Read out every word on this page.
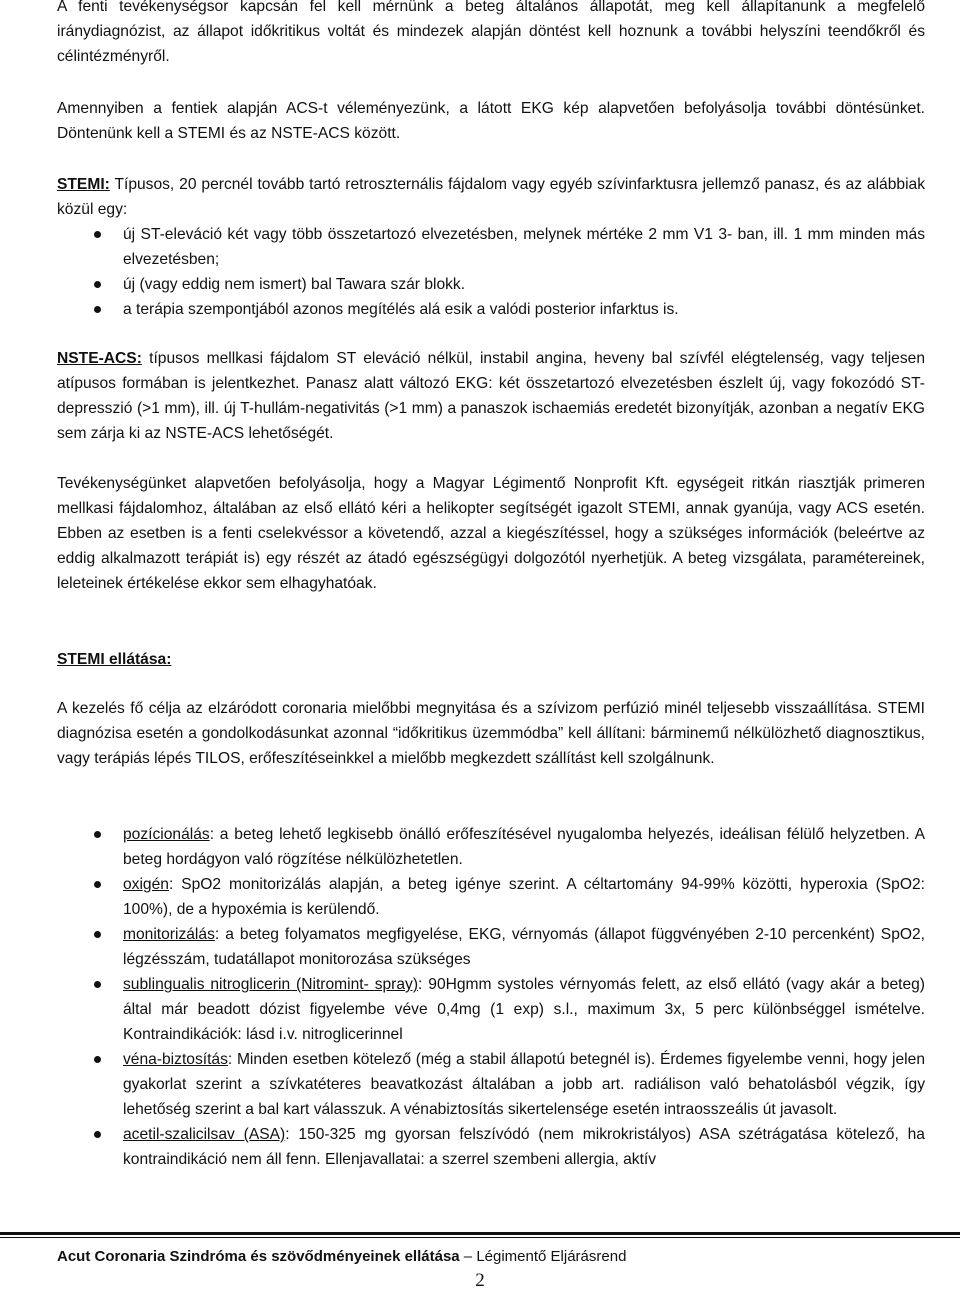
A fenti tevékenységsor kapcsán fel kell mérnünk a beteg általános állapotát, meg kell állapítanunk a megfelelő iránydiagnózist, az állapot időkritikus voltát és mindezek alapján döntést kell hoznunk a további helyszíni teendőkről és célintézményről.

Amennyiben a fentiek alapján ACS-t véleményezünk, a látott EKG kép alapvetően befolyásolja további döntésünket. Döntenünk kell a STEMI és az NSTE-ACS között.

STEMI: Típusos, 20 percnél tovább tartó retroszternális fájdalom vagy egyéb szívinfarktusra jellemző panasz, és az alábbiak közül egy:

új ST-eleváció két vagy több összetartozó elvezetésben, melynek mértéke 2 mm V1 3- ban, ill. 1 mm minden más elvezetésben;
új (vagy eddig nem ismert) bal Tawara szár blokk.
a terápia szempontjából azonos megítélés alá esik a valódi posterior infarktus is.

NSTE-ACS: típusos mellkasi fájdalom ST eleváció nélkül, instabil angina, heveny bal szívfél elégtelenség, vagy teljesen atípusos formában is jelentkezhet. Panasz alatt változó EKG: két összetartozó elvezetésben észlelt új, vagy fokozódó ST-depresszió (>1 mm), ill. új T-hullám-negativitás (>1 mm) a panaszok ischaemiás eredetét bizonyítják, azonban a negatív EKG sem zárja ki az NSTE-ACS lehetőségét.

Tevékenységünket alapvetően befolyásolja, hogy a Magyar Légimentő Nonprofit Kft. egységeit ritkán riasztják primeren mellkasi fájdalomhoz, általában az első ellátó kéri a helikopter segítségét igazolt STEMI, annak gyanúja, vagy ACS esetén. Ebben az esetben is a fenti cselekvéssor a követendő, azzal a kiegészítéssel, hogy a szükséges információk (beleértve az eddig alkalmazott terápiát is) egy részét az átadó egészségügyi dolgozótól nyerhetjük. A beteg vizsgálata, paramétereinek, leleteinek értékelése ekkor sem elhagyhatóak.

STEMI ellátása:

A kezelés fő célja az elzáródott coronaria mielőbbi megnyitása és a szívizom perfúzió minél teljesebb visszaállítása. STEMI diagnózisa esetén a gondolkodásunkat azonnal “időkritikus üzemmódba” kell állítani: bárminemű nélkülözhető diagnosztikus, vagy terápiás lépés TILOS, erőfeszítéseinkkel a mielőbb megkezdett szállítást kell szolgálnunk.

pozícionálás: a beteg lehető legkisebb önálló erőfeszítésével nyugalomba helyezés, ideálisan félülő helyzetben. A beteg hordágyon való rögzítése nélkülözhetetlen.
oxigén: SpO2 monitorizálás alapján, a beteg igénye szerint. A céltartomány 94-99% közötti, hyperoxia (SpO2: 100%), de a hypoxémia is kerülendő.
monitorizálás: a beteg folyamatos megfigyelése, EKG, vérnyomás (állapot függvényében 2-10 percenként) SpO2, légzésszám, tudatállapot monitorozása szükséges
sublingualis nitroglicerin (Nitromint- spray): 90Hgmm systoles vérnyomás felett, az első ellátó (vagy akár a beteg) által már beadott dózist figyelembe véve 0,4mg (1 exp) s.l., maximum 3x, 5 perc különbséggel ismételve. Kontraindikációk: lásd i.v. nitroglicerinnel
véna-biztosítás: Minden esetben kötelező (még a stabil állapotú betegnél is). Érdemes figyelembe venni, hogy jelen gyakorlat szerint a szívkatéteres beavatkozást általában a jobb art. radiálison való behatolásból végzik, így lehetőség szerint a bal kart válasszuk. A vénabiztosítás sikertelensége esetén intraosszeális út javasolt.
acetil-szalicilsav (ASA): 150-325 mg gyorsan felszívódó (nem mikrokristályos) ASA szétrágatása kötelező, ha kontraindikáció nem áll fenn. Ellenjavallatai: a szerrel szembeni allergia, aktív
Acut Coronaria Szindróma és szövődményeinek ellátása – Légimentő Eljárásrend
2
